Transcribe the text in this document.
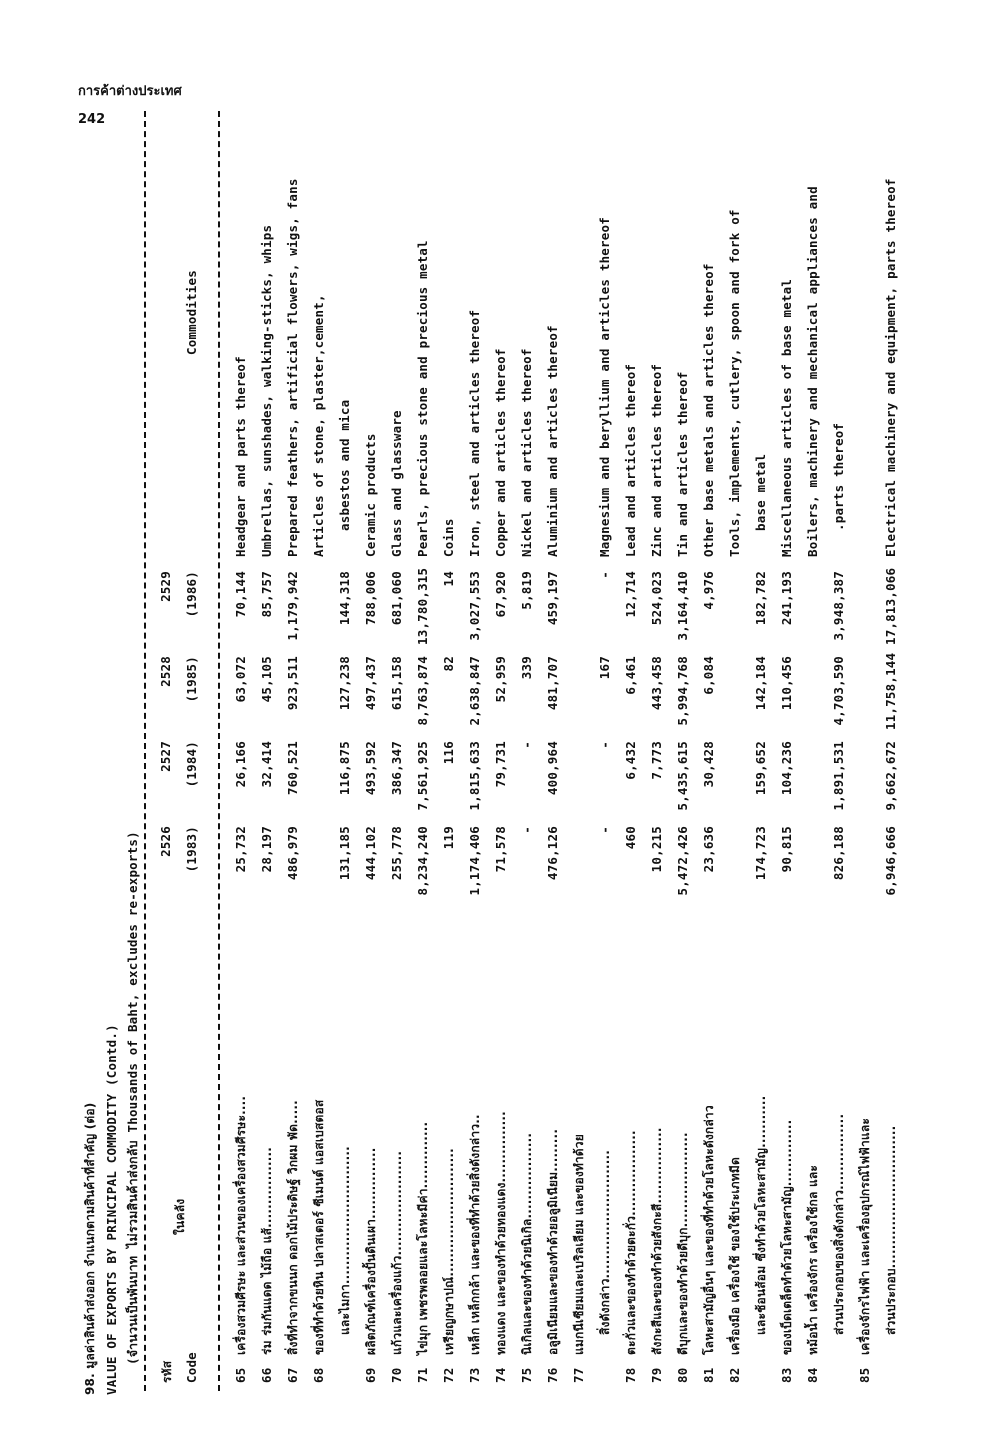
การค้าต่างประเทศ
242
98. มูลค่าสินค้าส่งออก จำแนกตามสินค้าที่สำคัญ (ต่อ) VALUE OF EXPORTS BY PRINCIPAL COMMODITY (Contd.) (จำนวนเป็นพันบาท ไม่รวมสินค้าส่งกลับ Thousands of Baht, excludes re-exports)
รหัส Code
ในคลัง
2526 (1983)
2527 (1984)
2528 (1985)
2529 (1986)
Commodities
65
เครื่องสวมศีรษะ และส่วนของเครื่องสวมศีรษะ....
25,732
26,166
63,072
70,144
Headgear and parts thereof
66
ร่ม ร่มกันแดด ไม้ถือ แส้.................
28,197
32,414
45,105
85,757
Umbrellas, sunshades, walking-sticks, whips
67
สิ่งที่ทำจากขนนก ดอกไม้ประดิษฐ์ วิกผม พัด.....
486,979
760,521
923,511
1,179,942
Prepared feathers, artificial flowers, wigs, fans
68
ของที่ทำด้วยหิน ปลาสเตอร์ ซีเมนต์ แอสเบสตอส
Articles of stone, plaster,cement,
และไมกา.............................
131,185
116,875
127,238
144,318
asbestos and mica
69
ผลิตภัณฑ์เครื่องปั้นดินเผา...............
444,102
493,592
497,437
788,006
Ceramic products
70
แก้วและเครื่องแก้ว......................
255,778
386,347
615,158
681,060
Glass and glassware
71
ไข่มุก เพชรพลอยและโลหะมีค่า..............
8,234,240
7,561,925
8,763,874
13,780,315
Pearls, precious stone and precious metal
72
เหรียญกษาปณ์...........................
119
116
82
14
Coins
73
เหล็ก เหล็กกล้า และของที่ทำด้วยสิ่งดังกล่าว..
1,174,406
1,815,633
2,638,847
3,027,553
Iron, steel and articles thereof
74
ทองแดง และของทำด้วยทองแดง...............
71,578
79,731
52,959
67,920
Copper and articles thereof
75
นิเกิลและของทำด้วยนิเกิล..................
-
-
339
5,819
Nickel and articles thereof
76
อลูมิเนียมและของทำด้วยอลูมิเนียม.........
476,126
400,964
481,707
459,197
Aluminium and articles thereof
77
แมกนีเซียมและเบริลเลียม และของทำด้วย	สิ่งดังกล่าว...........................
-
-
167
-
Magnesium and beryllium and articles thereof
78
ตะกั่วและของทำด้วยตะกั่ว..................
460
6,432
6,461
12,714
Lead and articles thereof
79
สังกะสีและของทำด้วยสังกะสี................
10,215
7,773
443,458
524,023
Zinc and articles thereof
80
ดีบุกและของทำด้วยดีบุก....................
5,472,426
5,435,615
5,994,768
3,164,410
Tin and articles thereof
81
โลหะสามัญอื่นๆ และของที่ทำด้วยโลหะดังกล่าว
23,636
30,428
6,084
4,976
Other base metals and articles thereof
82
เครื่องมือ เครื่องใช้ ของใช้ประเภทมีด
Tools, implements, cutlery, spoon and fork of
และช้อนส้อม ซึ่งทำด้วยโลหะสามัญ...........
174,723
159,652
142,184
182,782
base metal
83
ของเบ็ดเตล็ดทำด้วยโลหะสามัญ..............
90,815
104,236
110,456
241,193
Miscellaneous articles of base metal
84
หม้อน้ำ เครื่องจักร เครื่องใช้กล และ
Boilers, machinery and mechanical appliances and
ส่วนประกอบของสิ่งดังกล่าว................
826,188
1,891,531
4,703,590
3,948,387
.parts thereof
85
เครื่องจักรไฟฟ้า และเครื่องอุปกรณ์ไฟฟ้าและ	ส่วนประกอบ..............................
6,946,666
9,662,672
11,758,144
17,813,066
Electrical machinery and equipment, parts thereof
